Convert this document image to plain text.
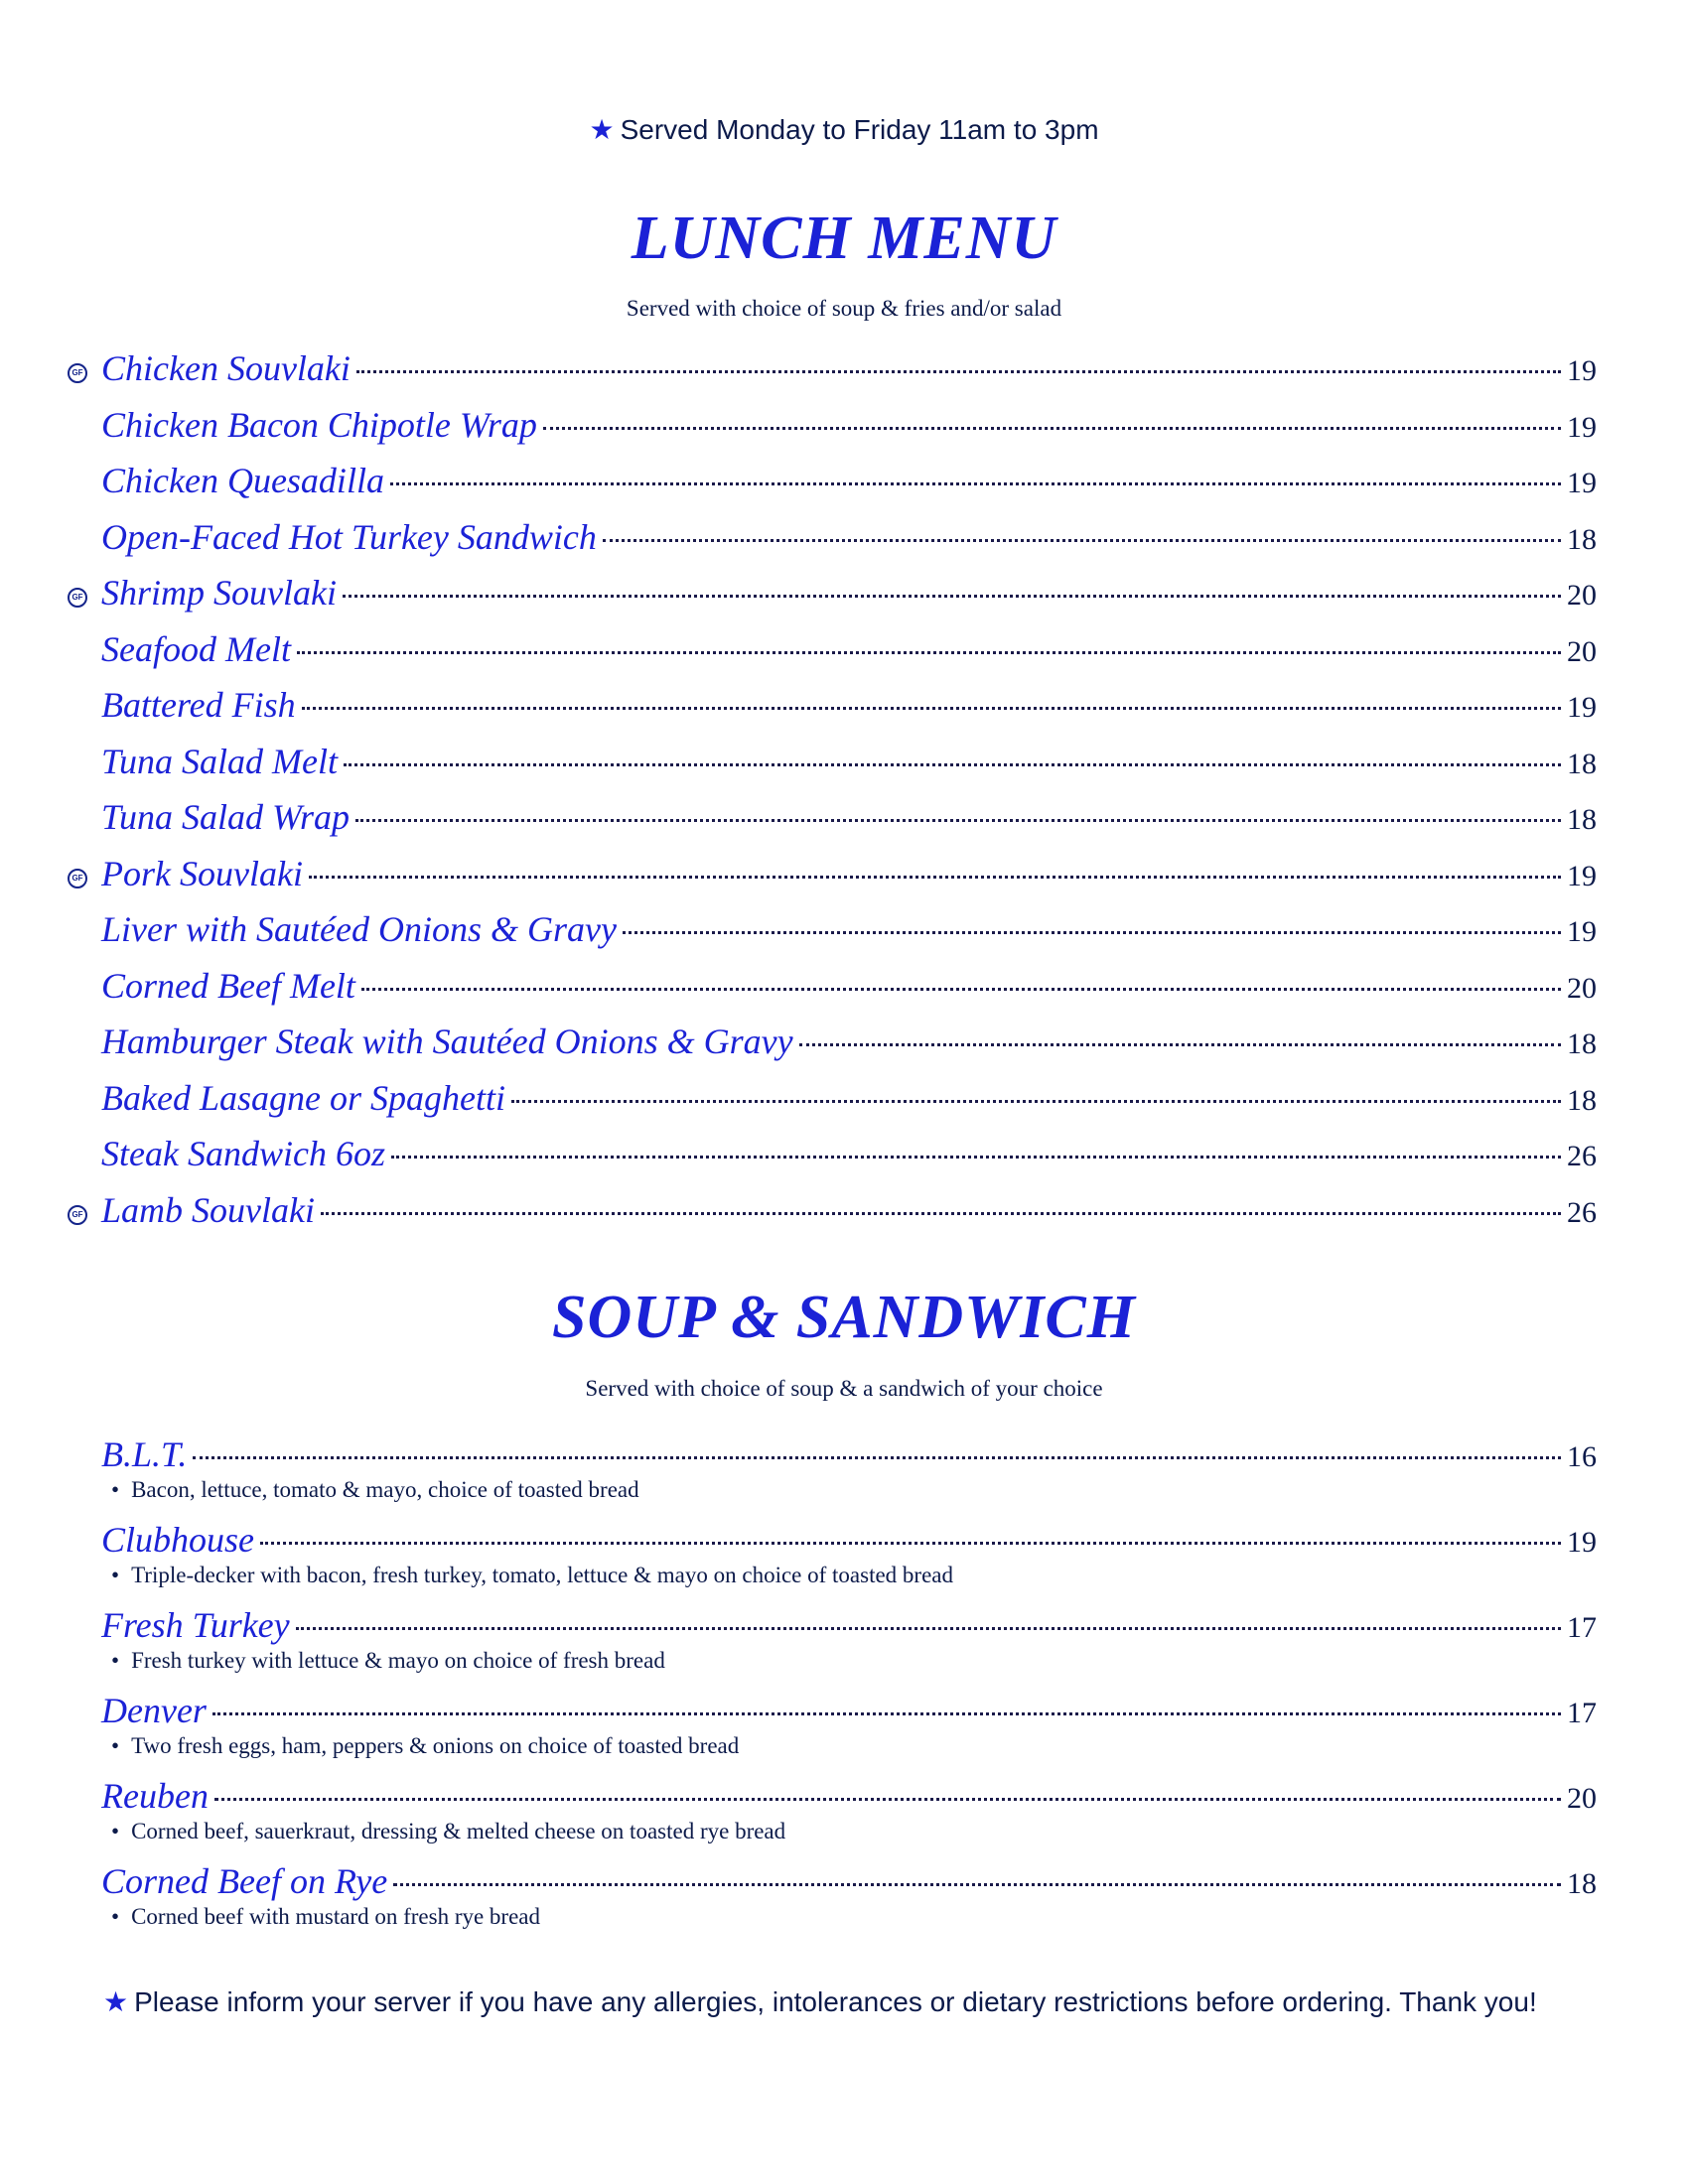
★ Served Monday to Friday 11am to 3pm
LUNCH MENU
Served with choice of soup & fries and/or salad
GF Chicken Souvlaki	19
Chicken Bacon Chipotle Wrap	19
Chicken Quesadilla	19
Open-Faced Hot Turkey Sandwich	18
GF Shrimp Souvlaki	20
Seafood Melt	20
Battered Fish	19
Tuna Salad Melt	18
Tuna Salad Wrap	18
GF Pork Souvlaki	19
Liver with Sautéed Onions & Gravy	19
Corned Beef Melt	20
Hamburger Steak with Sautéed Onions & Gravy	18
Baked Lasagne or Spaghetti	18
Steak Sandwich 6oz	26
GF Lamb Souvlaki	26
SOUP & SANDWICH
Served with choice of soup & a sandwich of your choice
B.L.T.	16
• Bacon, lettuce, tomato & mayo, choice of toasted bread
Clubhouse	19
• Triple-decker with bacon, fresh turkey, tomato, lettuce & mayo on choice of toasted bread
Fresh Turkey	17
• Fresh turkey with lettuce & mayo on choice of fresh bread
Denver	17
• Two fresh eggs, ham, peppers & onions on choice of toasted bread
Reuben	20
• Corned beef, sauerkraut, dressing & melted cheese on toasted rye bread
Corned Beef on Rye	18
• Corned beef with mustard on fresh rye bread
★ Please inform your server if you have any allergies, intolerances or dietary restrictions before ordering. Thank you!
